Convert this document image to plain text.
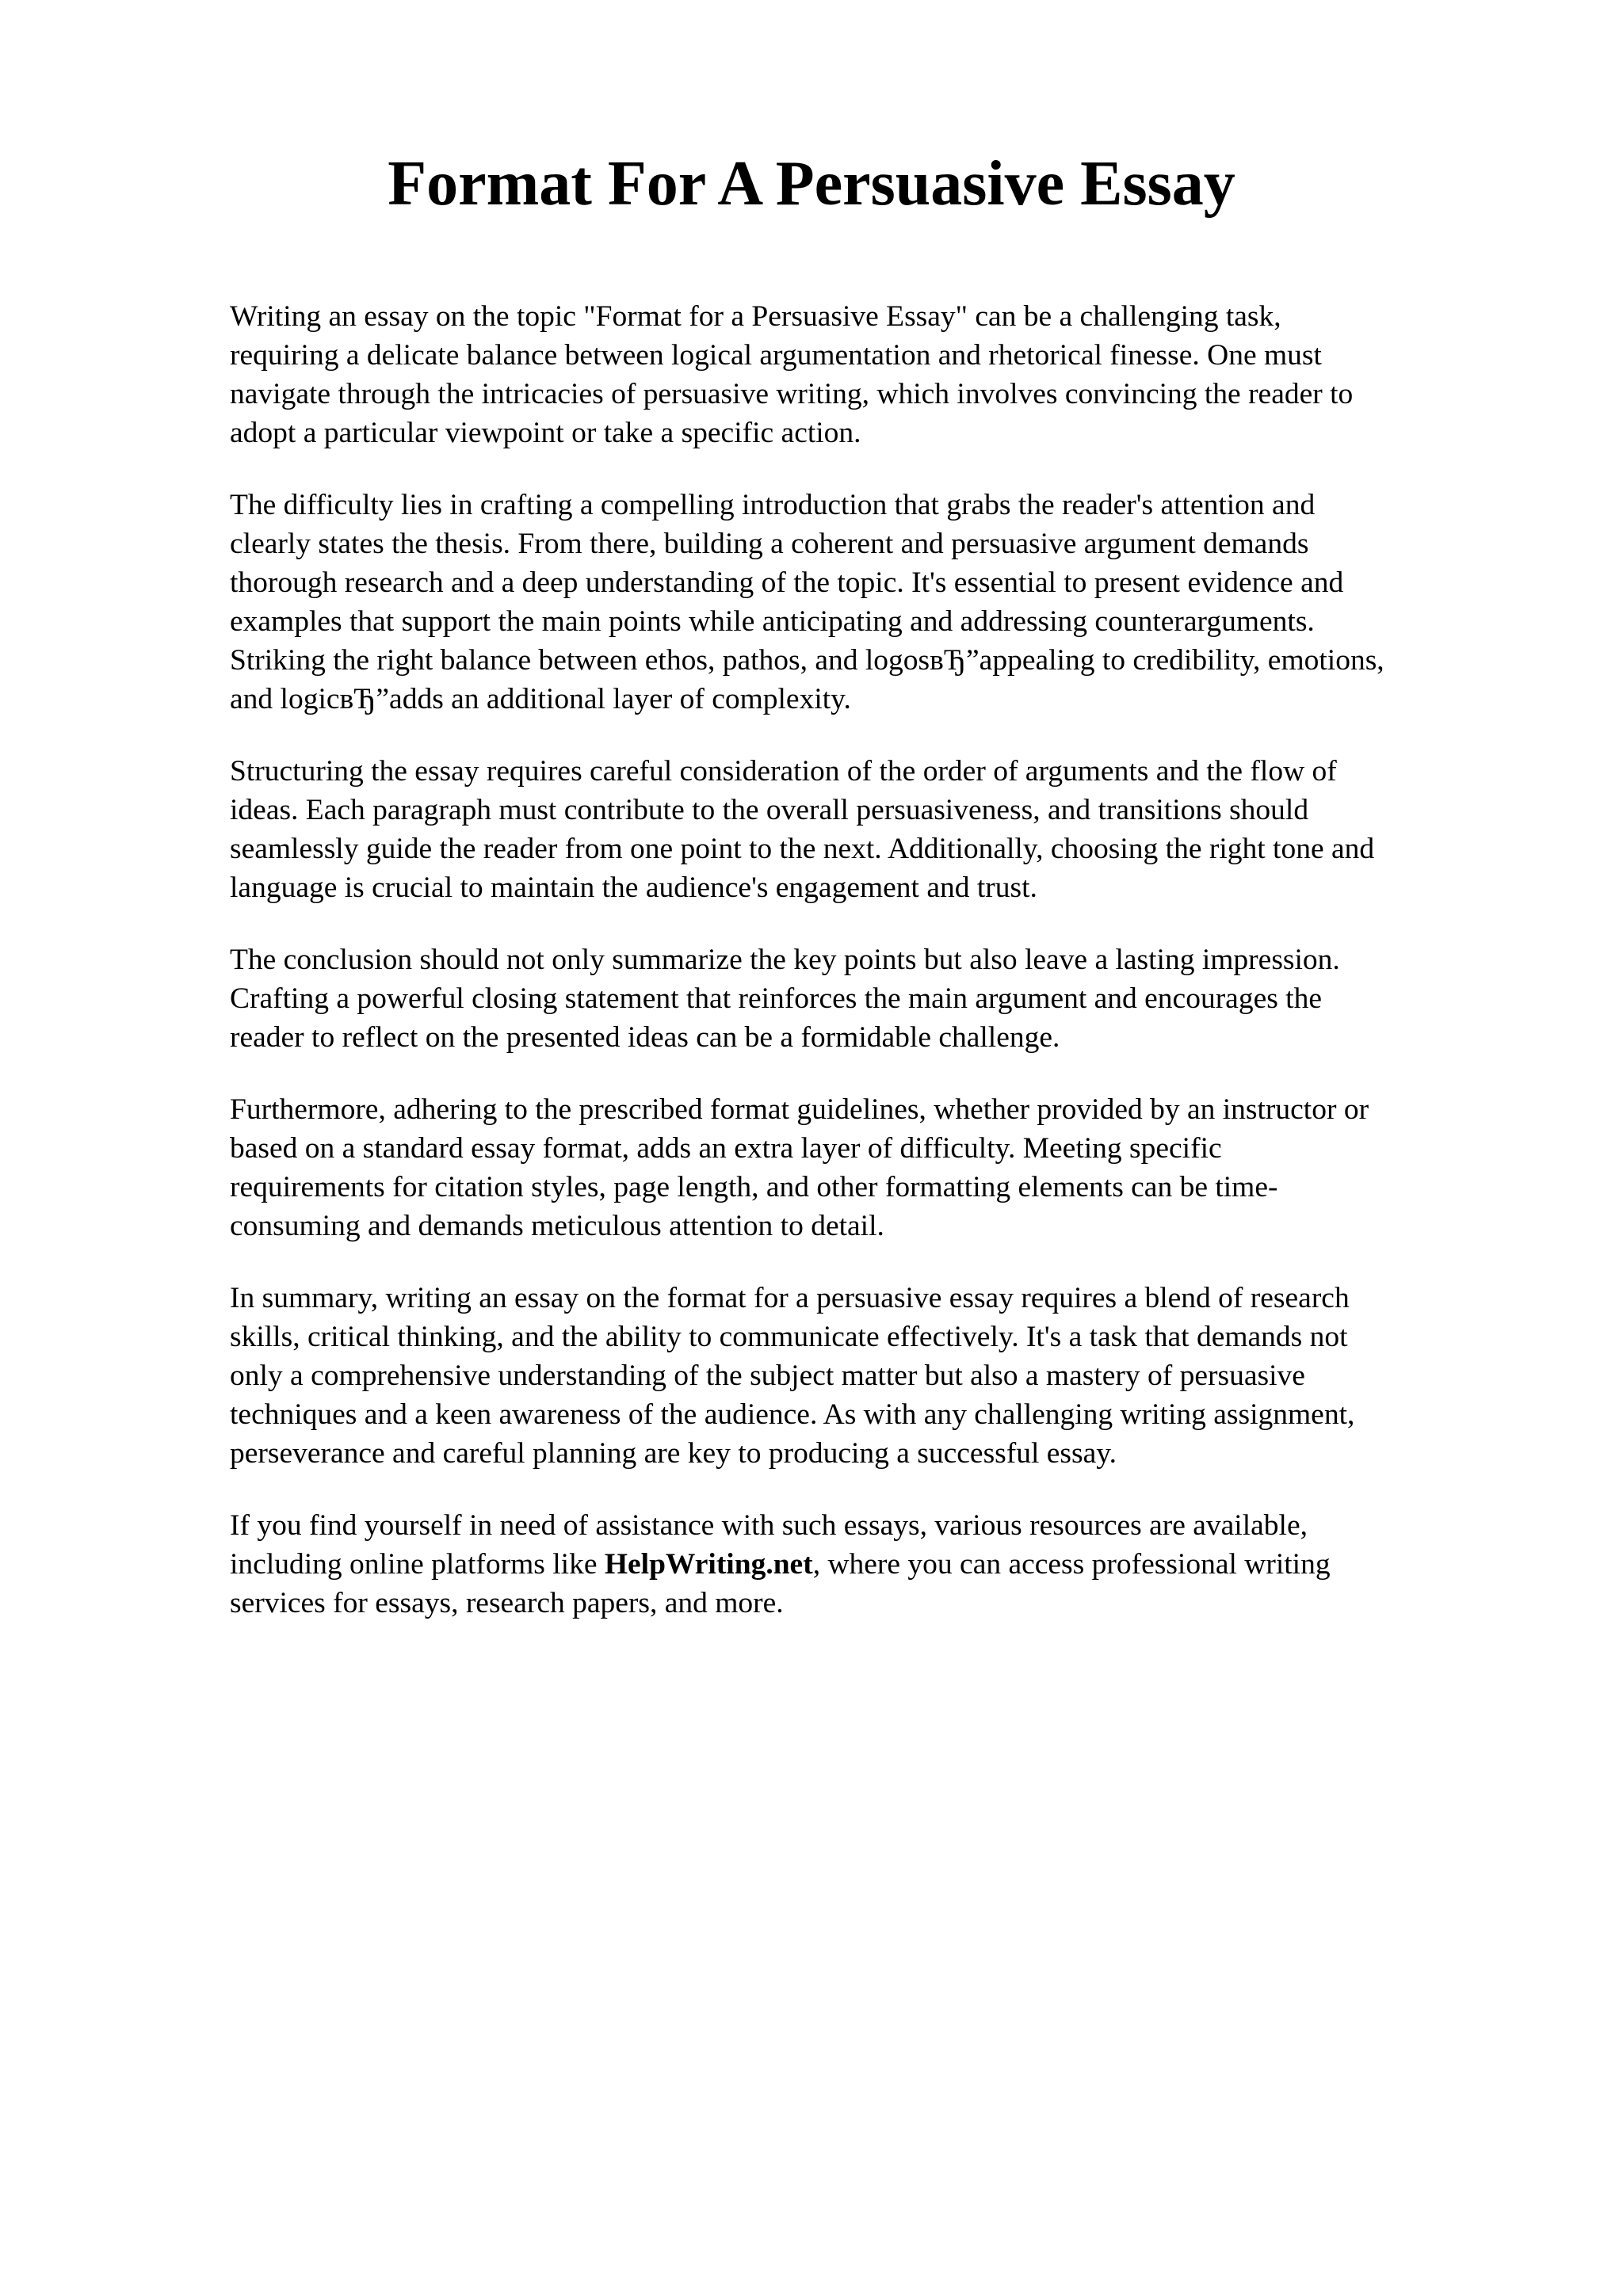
Format For A Persuasive Essay

Writing an essay on the topic "Format for a Persuasive Essay" can be a challenging task,
requiring a delicate balance between logical argumentation and rhetorical finesse. One must
navigate through the intricacies of persuasive writing, which involves convincing the reader to
adopt a particular viewpoint or take a specific action.

The difficulty lies in crafting a compelling introduction that grabs the reader's attention and
clearly states the thesis. From there, building a coherent and persuasive argument demands
thorough research and a deep understanding of the topic. It's essential to present evidence and
examples that support the main points while anticipating and addressing counterarguments.
Striking the right balance between ethos, pathos, and logosвЂ”appealing to credibility, emotions,
and logicвЂ”adds an additional layer of complexity.

Structuring the essay requires careful consideration of the order of arguments and the flow of
ideas. Each paragraph must contribute to the overall persuasiveness, and transitions should
seamlessly guide the reader from one point to the next. Additionally, choosing the right tone and
language is crucial to maintain the audience's engagement and trust.

The conclusion should not only summarize the key points but also leave a lasting impression.
Crafting a powerful closing statement that reinforces the main argument and encourages the
reader to reflect on the presented ideas can be a formidable challenge.

Furthermore, adhering to the prescribed format guidelines, whether provided by an instructor or
based on a standard essay format, adds an extra layer of difficulty. Meeting specific
requirements for citation styles, page length, and other formatting elements can be time-
consuming and demands meticulous attention to detail.

In summary, writing an essay on the format for a persuasive essay requires a blend of research
skills, critical thinking, and the ability to communicate effectively. It's a task that demands not
only a comprehensive understanding of the subject matter but also a mastery of persuasive
techniques and a keen awareness of the audience. As with any challenging writing assignment,
perseverance and careful planning are key to producing a successful essay.

If you find yourself in need of assistance with such essays, various resources are available,
including online platforms like HelpWriting.net, where you can access professional writing
services for essays, research papers, and more.
